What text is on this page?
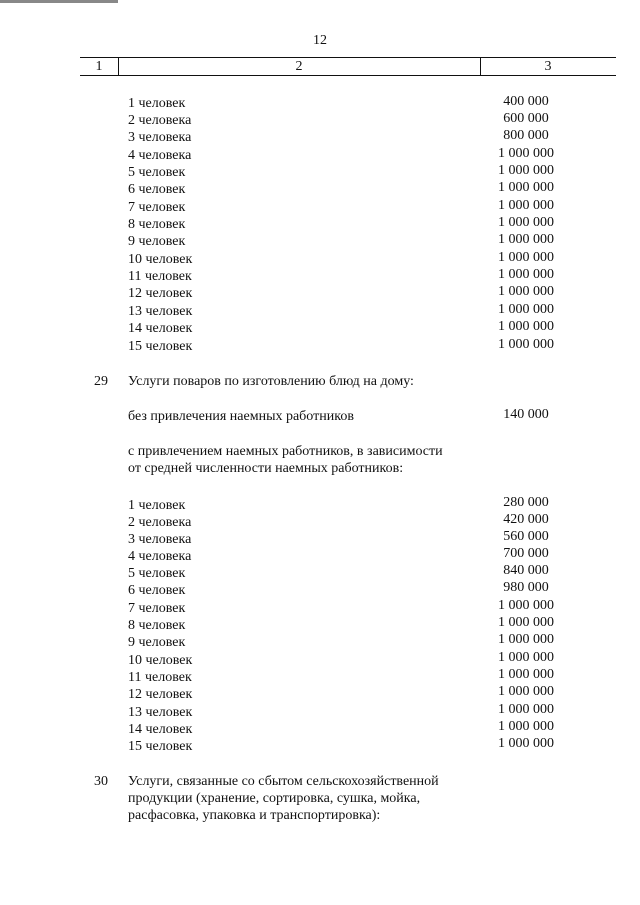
12
1	2	3
1 человек	400 000
2 человека	600 000
3 человека	800 000
4 человека	1 000 000
5 человек	1 000 000
6 человек	1 000 000
7 человек	1 000 000
8 человек	1 000 000
9 человек	1 000 000
10 человек	1 000 000
11 человек	1 000 000
12 человек	1 000 000
13 человек	1 000 000
14 человек	1 000 000
15 человек	1 000 000
29 Услуги поваров по изготовлению блюд на дому:
без привлечения наемных работников	140 000
с привлечением наемных работников, в зависимости
от средней численности наемных работников:
1 человек	280 000
2 человека	420 000
3 человека	560 000
4 человека	700 000
5 человек	840 000
6 человек	980 000
7 человек	1 000 000
8 человек	1 000 000
9 человек	1 000 000
10 человек	1 000 000
11 человек	1 000 000
12 человек	1 000 000
13 человек	1 000 000
14 человек	1 000 000
15 человек	1 000 000
30 Услуги, связанные со сбытом сельскохозяйственной
продукции (хранение, сортировка, сушка, мойка,
расфасовка, упаковка и транспортировка):
